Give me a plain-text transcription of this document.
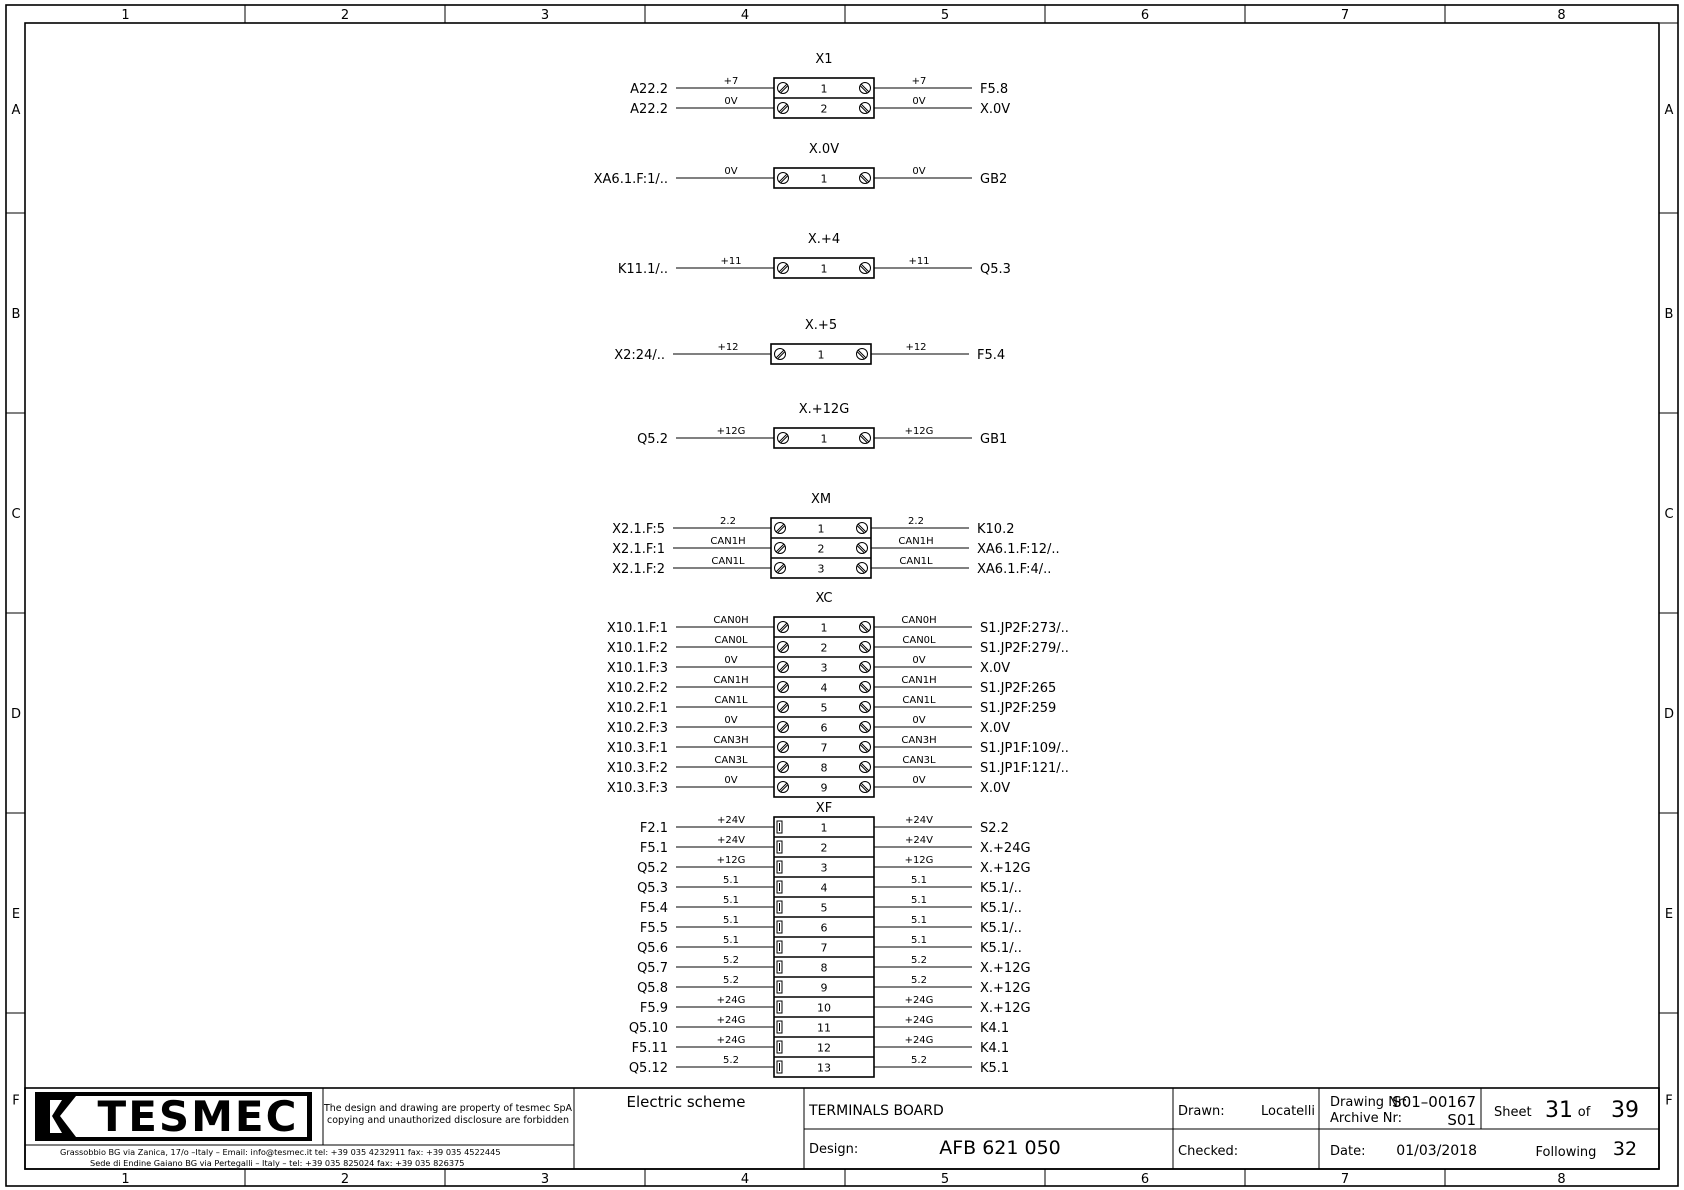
1
1
2
2
3
3
4
4
5
5
6
6
7
7
8
8
A	A
B	B
C	C
D	D
E	E
F	F
X1
1
+7	+7
A22.2	F5.8
2
0V	0V
A22.2	X.0V
X.0V
1
0V	0V
XA6.1.F:1/..	GB2
X.+4
1
+11	+11
K11.1/..	Q5.3
X.+5
1
+12	+12
X2:24/..	F5.4
X.+12G
1
+12G	+12G
Q5.2	GB1
XM
1
2.2	2.2
X2.1.F:5	K10.2
2
CAN1H	CAN1H
X2.1.F:1	XA6.1.F:12/..
3
CAN1L	CAN1L
X2.1.F:2	XA6.1.F:4/..
XC
1
CAN0H	CAN0H
X10.1.F:1	S1.JP2F:273/..
2
CAN0L	CAN0L
X10.1.F:2	S1.JP2F:279/..
3
0V	0V
X10.1.F:3	X.0V
4
CAN1H	CAN1H
X10.2.F:2	S1.JP2F:265
5
CAN1L	CAN1L
X10.2.F:1	S1.JP2F:259
6
0V	0V
X10.2.F:3	X.0V
7
CAN3H	CAN3H
X10.3.F:1	S1.JP1F:109/..
8
CAN3L	CAN3L
X10.3.F:2	S1.JP1F:121/..
9
0V	0V
X10.3.F:3	X.0V
XF
1
+24V	+24V
F2.1	S2.2
2
+24V	+24V
F5.1	X.+24G
3
+12G	+12G
Q5.2	X.+12G
4
5.1	5.1
Q5.3	K5.1/..
5
5.1	5.1
F5.4	K5.1/..
6
5.1	5.1
F5.5	K5.1/..
7
5.1	5.1
Q5.6	K5.1/..
8
5.2	5.2
Q5.7	X.+12G
9
5.2	5.2
Q5.8	X.+12G
10
+24G	+24G
F5.9	X.+12G
11
+24G	+24G
Q5.10	K4.1
12
+24G	+24G
F5.11	K4.1
13
5.2	5.2
Q5.12	K5.1
TESMEC	The design and drawing are property of tesmec SpA
copying and unauthorized disclosure are forbidden
Grassobbio BG via Zanica, 17/o –Italy – Email: info@tesmec.it tel: +39 035 4232911 fax: +39 035 4522445
Sede di Endine Gaiano BG via Pertegalli – Italy – tel: +39 035 825024 fax: +39 035 826375
Electric scheme	TERMINALS BOARD
Design:	AFB 621 050
Drawn:	Locatelli
Checked:
Drawing Nr:
S01–00167
Archive Nr:	S01
Date: 01/03/2018
Sheet 31 of 39
Following 32
